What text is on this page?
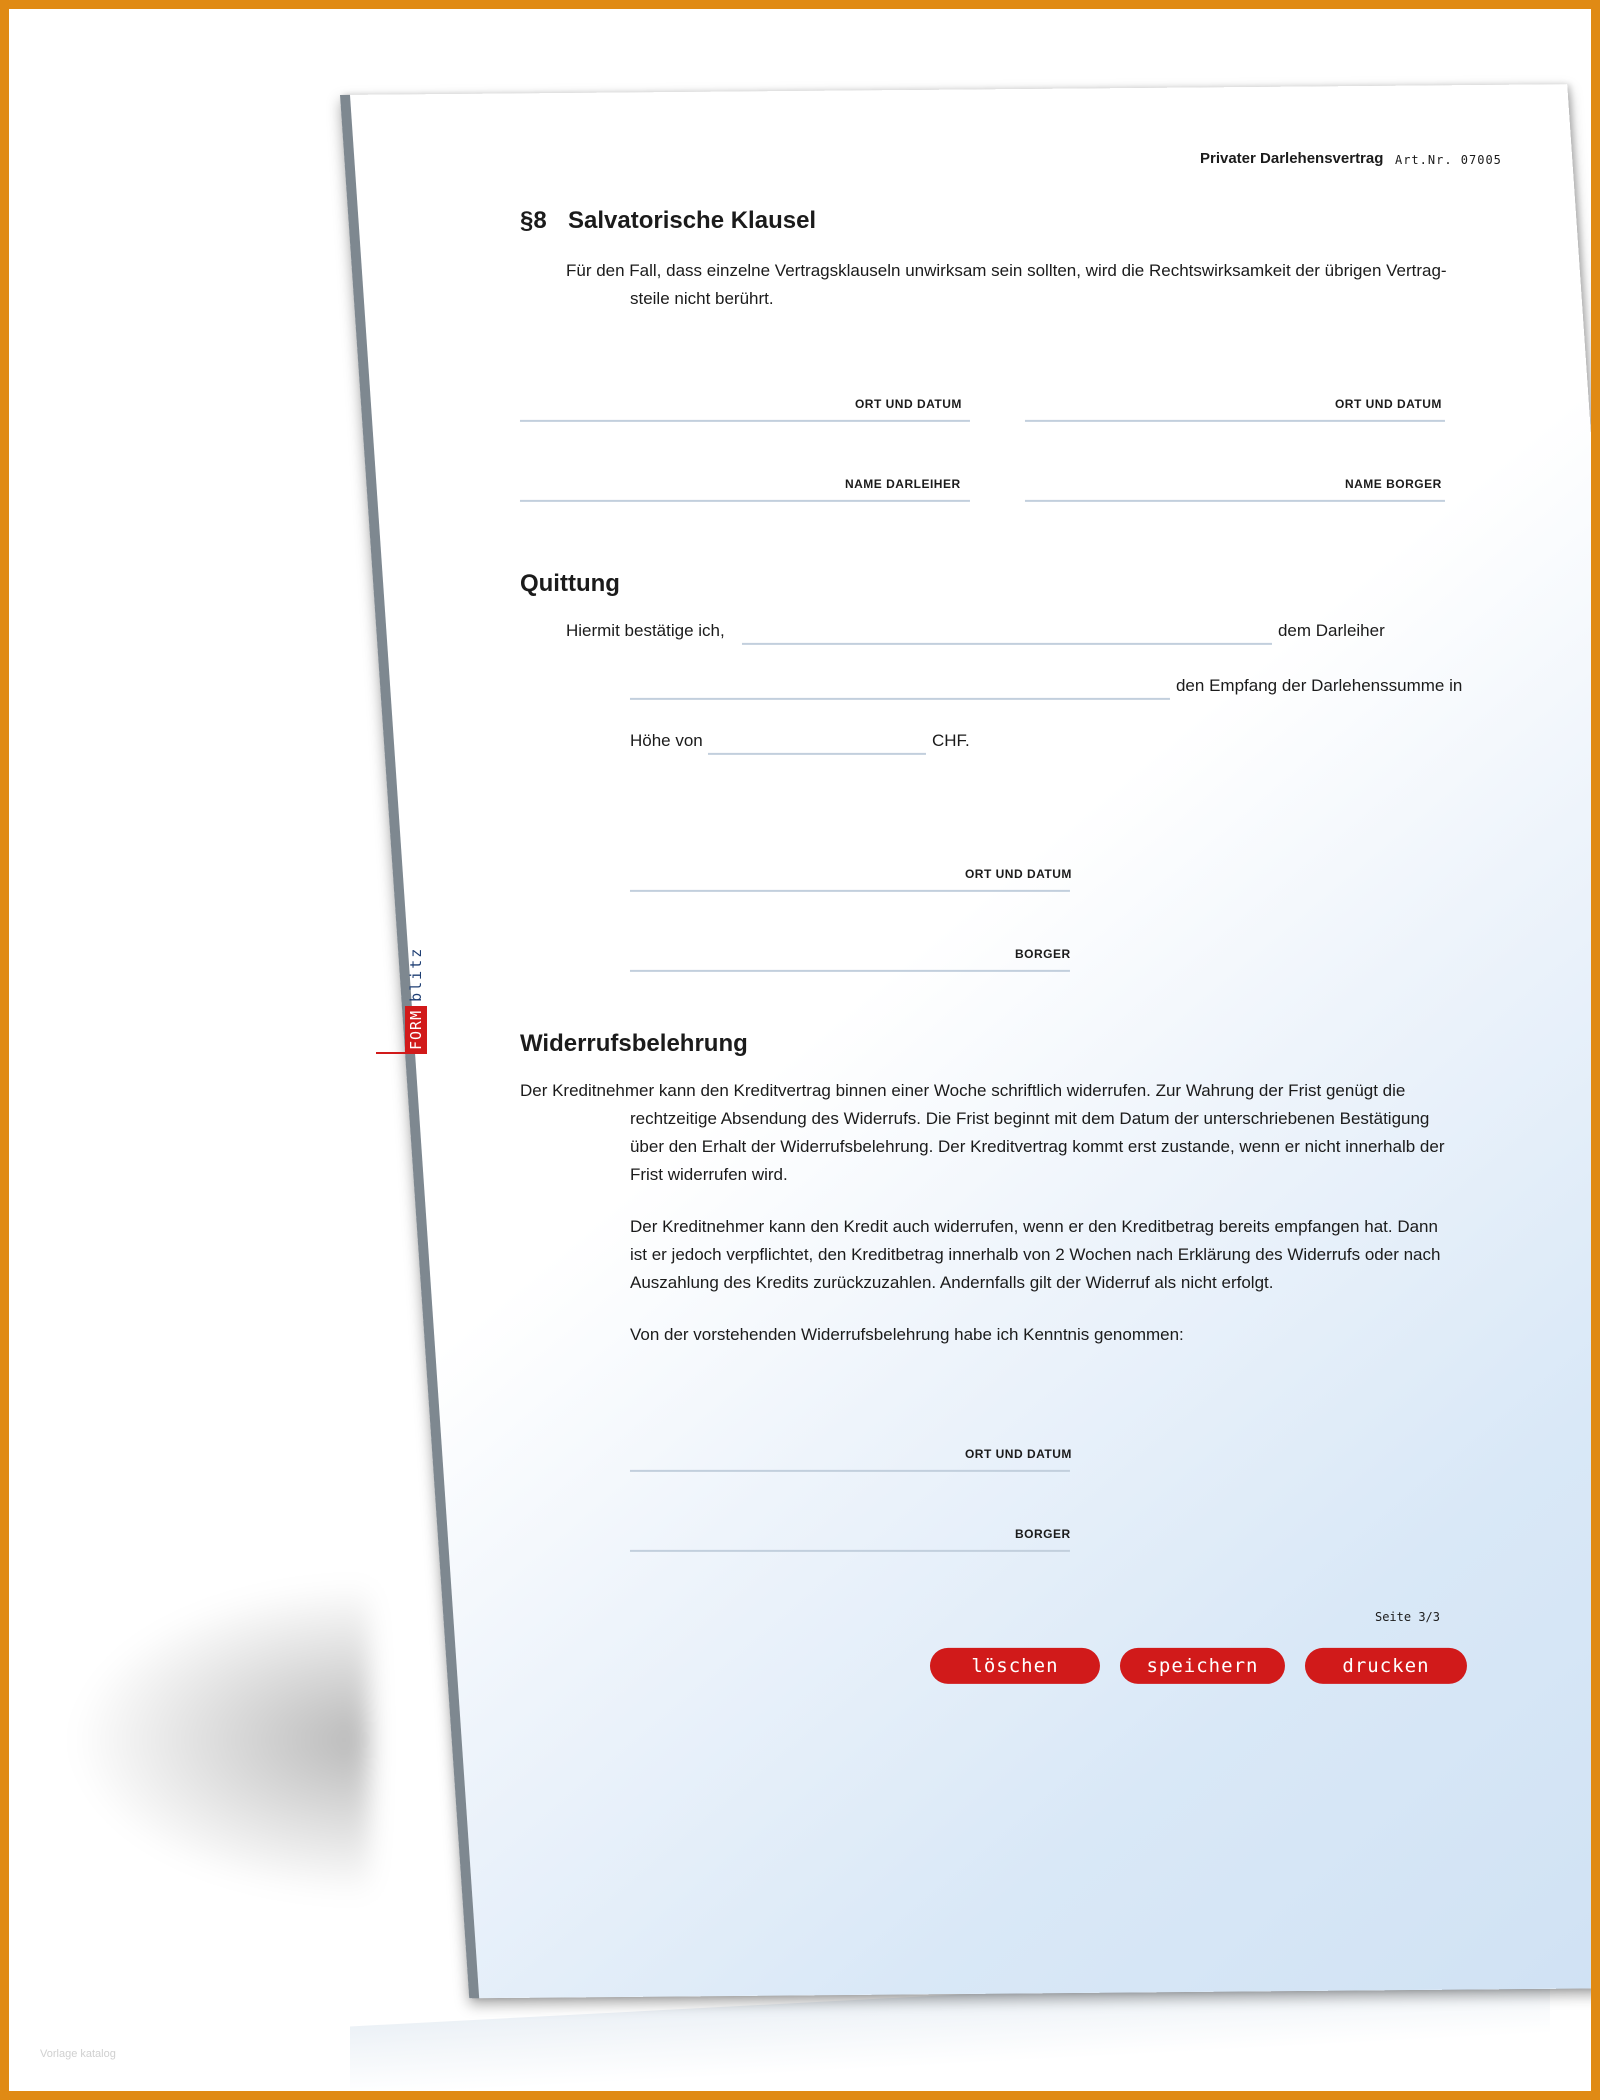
Privater Darlehensvertrag Art.Nr. 07005
§8 Salvatorische Klausel
Für den Fall, dass einzelne Vertragsklauseln unwirksam sein sollten, wird die Rechtswirksamkeit der übrigen Vertrag-
steile nicht berührt.
ORT UND DATUM	ORT UND DATUM
NAME DARLEIHER	NAME BORGER
Quittung
Hiermit bestätige ich,	dem Darleiher
den Empfang der Darlehenssumme in
Höhe von	CHF.
ORT UND DATUM
BORGER
Widerrufsbelehrung
Der Kreditnehmer kann den Kreditvertrag binnen einer Woche schriftlich widerrufen. Zur Wahrung der Frist genügt die
rechtzeitige Absendung des Widerrufs. Die Frist beginnt mit dem Datum der unterschriebenen Bestätigung
über den Erhalt der Widerrufsbelehrung. Der Kreditvertrag kommt erst zustande, wenn er nicht innerhalb der
Frist widerrufen wird.
Der Kreditnehmer kann den Kredit auch widerrufen, wenn er den Kreditbetrag bereits empfangen hat. Dann
ist er jedoch verpflichtet, den Kreditbetrag innerhalb von 2 Wochen nach Erklärung des Widerrufs oder nach
Auszahlung des Kredits zurückzuzahlen. Andernfalls gilt der Widerruf als nicht erfolgt.
Von der vorstehenden Widerrufsbelehrung habe ich Kenntnis genommen:
ORT UND DATUM
BORGER
Seite 3/3
löschen	speichern	drucken
FORM
blitz
Vorlage katalog
